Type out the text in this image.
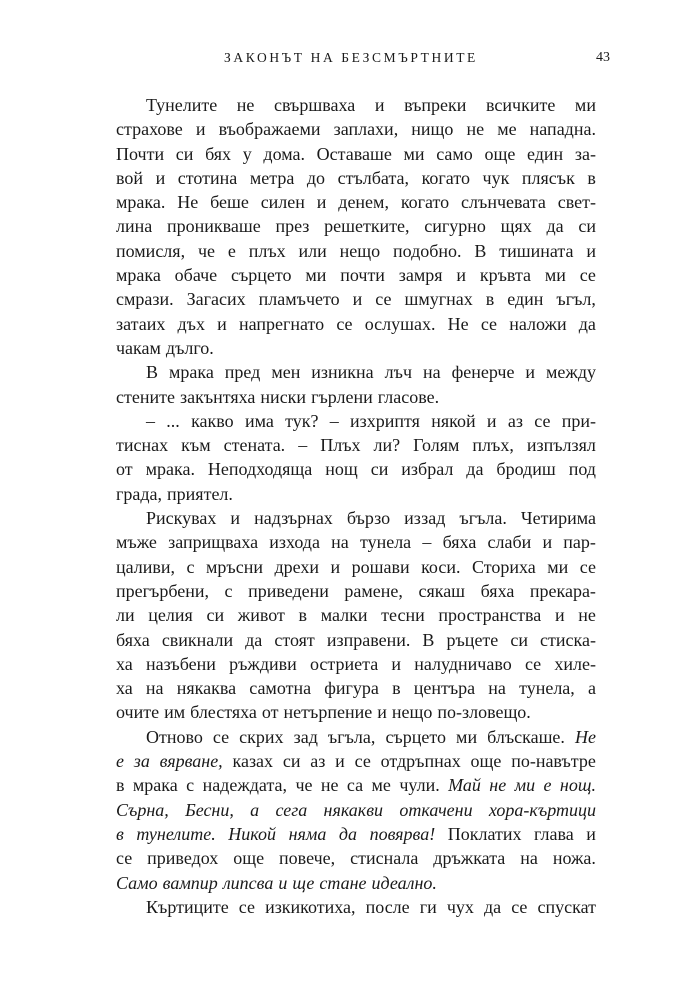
ЗАКОНЪТ НА БЕЗСМЪРТНИТЕ	43
Тунелите не свършваха и въпреки всичките ми
страхове и въображаеми заплахи, нищо не ме нападна.
Почти си бях у дома. Оставаше ми само още един за-
вой и стотина метра до стълбата, когато чук плясък в
мрака. Не беше силен и денем, когато слънчевата свет-
лина проникваше през решетките, сигурно щях да си
помисля, че е плъх или нещо подобно. В тишината и
мрака обаче сърцето ми почти замря и кръвта ми се
смрази. Загасих пламъчето и се шмугнах в един ъгъл,
затаих дъх и напрегнато се ослушах. Не се наложи да
чакам дълго.
В мрака пред мен изникна лъч на фенерче и между
стените закънтяха ниски гърлени гласове.
– ... какво има тук? – изхриптя някой и аз се при-
тиснах към стената. – Плъх ли? Голям плъх, изпълзял
от мрака. Неподходяща нощ си избрал да бродиш под
града, приятел.
Рискувах и надзърнах бързо иззад ъгъла. Четирима
мъже заприщваха изхода на тунела – бяха слаби и пар-
цаливи, с мръсни дрехи и рошави коси. Сториха ми се
прегърбени, с приведени рамене, сякаш бяха прекара-
ли целия си живот в малки тесни пространства и не
бяха свикнали да стоят изправени. В ръцете си стиска-
ха назъбени ръждиви остриета и налудничаво се хиле-
ха на някаква самотна фигура в центъра на тунела, а
очите им блестяха от нетърпение и нещо по-зловещо.
Отново се скрих зад ъгъла, сърцето ми блъскаше. Не
е за вярване, казах си аз и се отдръпнах още по-навътре
в мрака с надеждата, че не са ме чули. Май не ми е нощ.
Сърна, Бесни, а сега някакви откачени хора-къртици
в тунелите. Никой няма да повярва! Поклатих глава и
се приведох още повече, стиснала дръжката на ножа.
Само вампир липсва и ще стане идеално.
Къртиците се изкикотиха, после ги чух да се спускат
